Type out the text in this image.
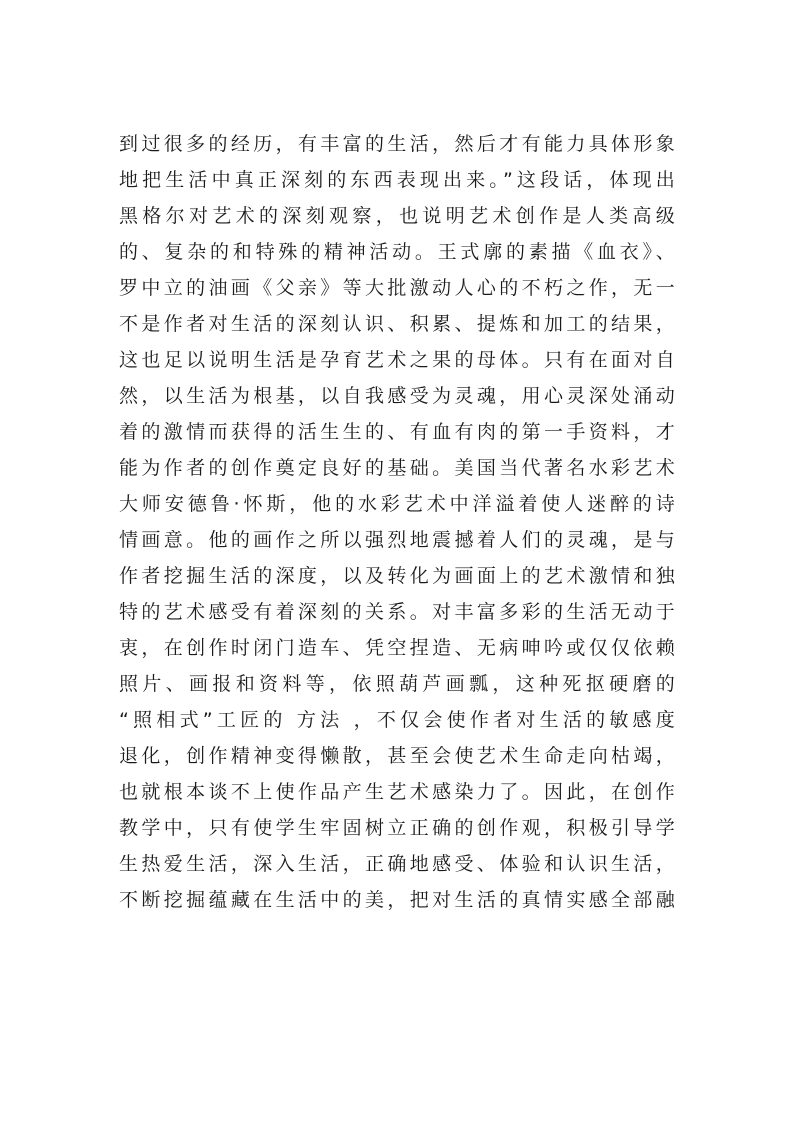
到过很多的经历，有丰富的生活，然后才有能力具体形象
地把生活中真正深刻的东西表现出来。”这段话，体现出
黑格尔对艺术的深刻观察，也说明艺术创作是人类高级
的、复杂的和特殊的精神活动。王式廓的素描《血衣》、
罗中立的油画《父亲》等大批激动人心的不朽之作，无一
不是作者对生活的深刻认识、积累、提炼和加工的结果，
这也足以说明生活是孕育艺术之果的母体。只有在面对自
然，以生活为根基，以自我感受为灵魂，用心灵深处涌动
着的激情而获得的活生生的、有血有肉的第一手资料，才
能为作者的创作奠定良好的基础。美国当代著名水彩艺术
大师安德鲁·怀斯，他的水彩艺术中洋溢着使人迷醉的诗
情画意。他的画作之所以强烈地震撼着人们的灵魂，是与
作者挖掘生活的深度，以及转化为画面上的艺术激情和独
特的艺术感受有着深刻的关系。对丰富多彩的生活无动于
衷，在创作时闭门造车、凭空捏造、无病呻吟或仅仅依赖
照片、画报和资料等，依照葫芦画瓢，这种死抠硬磨的
“照相式”工匠的 方法 ，不仅会使作者对生活的敏感度
退化，创作精神变得懒散，甚至会使艺术生命走向枯竭，
也就根本谈不上使作品产生艺术感染力了。因此，在创作
教学中，只有使学生牢固树立正确的创作观，积极引导学
生热爱生活，深入生活，正确地感受、体验和认识生活，
不断挖掘蕴藏在生活中的美，把对生活的真情实感全部融
